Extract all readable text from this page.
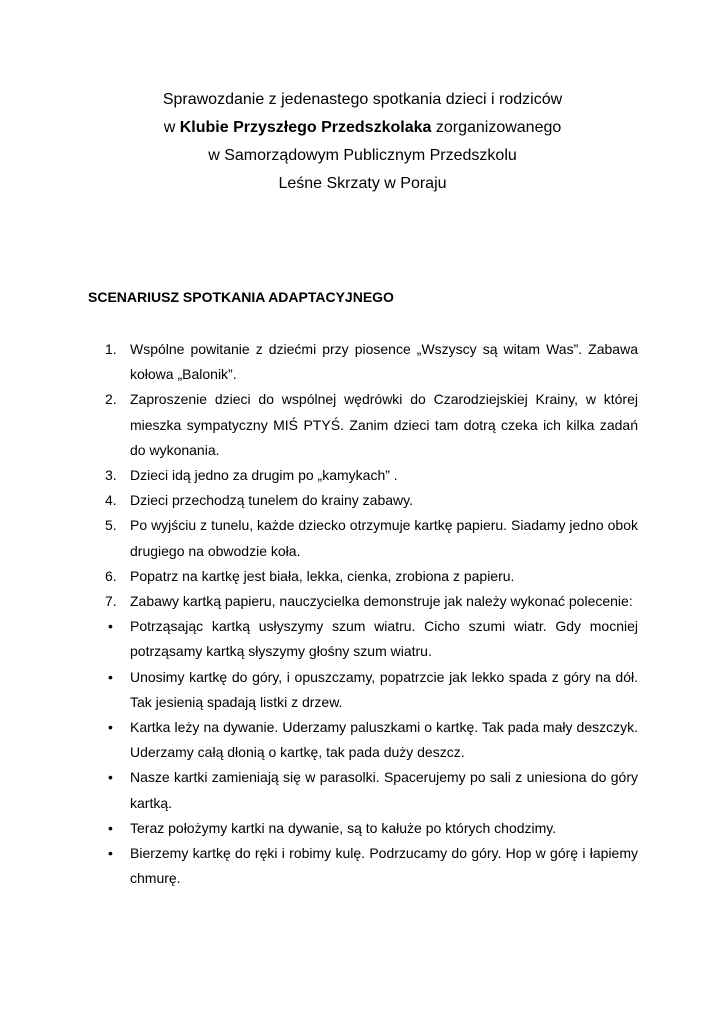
Sprawozdanie z jedenastego spotkania dzieci i rodziców
w Klubie Przyszłego Przedszkolaka zorganizowanego
w Samorządowym Publicznym Przedszkolu
Leśne Skrzaty w Poraju
SCENARIUSZ SPOTKANIA ADAPTACYJNEGO
1. Wspólne powitanie z dziećmi przy piosence „Wszyscy są witam Was”. Zabawa kołowa „Balonik”.
2. Zaproszenie dzieci do wspólnej wędrówki do Czarodziejskiej Krainy, w której mieszka sympatyczny MIŚ PTYŚ. Zanim dzieci tam dotrą czeka ich kilka zadań do wykonania.
3. Dzieci idą jedno za drugim po „kamykach” .
4. Dzieci przechodzą tunelem do krainy zabawy.
5. Po wyjściu z tunelu, każde dziecko otrzymuje kartkę papieru. Siadamy jedno obok drugiego na obwodzie koła.
6. Popatrz na kartkę jest biała, lekka, cienka, zrobiona z papieru.
7. Zabawy kartką papieru, nauczycielka demonstruje jak należy wykonać polecenie:
•	Potrząsając kartką usłyszymy szum wiatru. Cicho szumi wiatr. Gdy mocniej potrząsamy kartką słyszymy głośny szum wiatru.
•	Unosimy kartkę do góry, i opuszczamy, popatrzcie jak lekko spada z góry na dół. Tak jesienią spadają listki z drzew.
•	Kartka leży na dywanie. Uderzamy paluszkami o kartkę. Tak pada mały deszczyk. Uderzamy całą dłonią o kartkę, tak pada duży deszcz.
•	Nasze kartki zamieniają się w parasolki. Spacerujemy po sali z uniesiona do góry kartką.
•	Teraz położymy kartki na dywanie, są to kałuże po których chodzimy.
•	Bierzemy kartkę do ręki i robimy kulę. Podrzucamy do góry. Hop w górę i łapiemy chmurę.
